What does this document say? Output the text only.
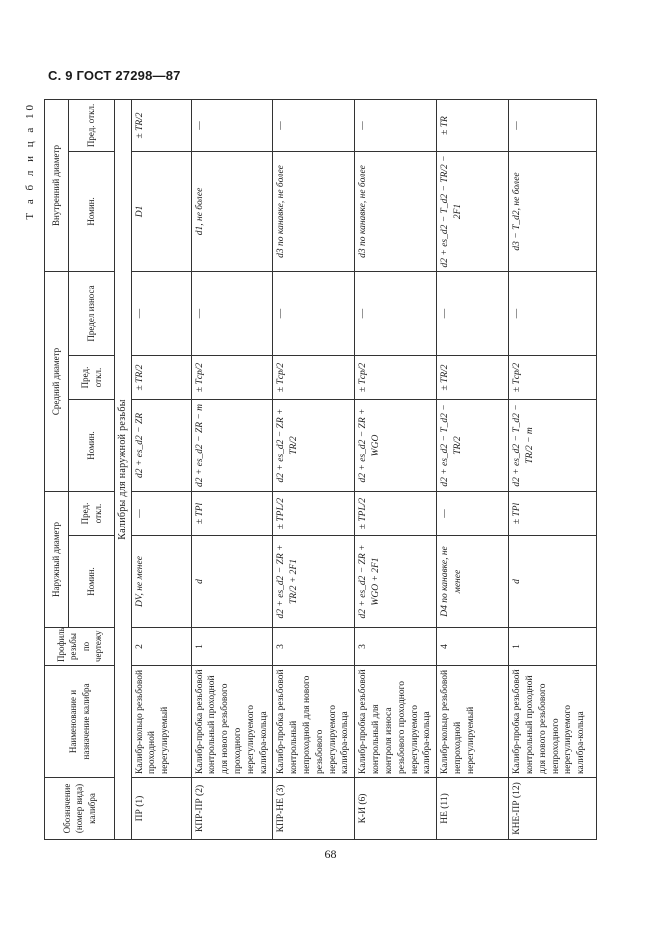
С. 9 ГОСТ 27298—87
Т а б л и ц а 10
Обозначение (номер вида) калибра	Наименование и назначение калибра	Профиль резьбы по чертежу	Наружный диаметр		Средний диаметр			Внутренний диаметр	
			Номин.	Пред. откл.	Номин.	Пред. откл.	Предел износа	Номин.	Пред. откл.
Калибры для наружной резьбы									
ПР (1)	Калибр-кольцо резьбовой проходной нерегулируемый	2	DV, не менее	—	d2 + es_d2 − ZR	± TR/2	—	D1	± TR/2
КПР-ПР (2)	Калибр-пробка резьбовой контрольный проходной для нового резьбового проходного нерегулируемого калибра-кольца	1	d	± TPl	d2 + es_d2 − ZR − m	± Tср/2	—	d1, не более	—
КПР-НЕ (3)	Калибр-пробка резьбовой контрольный непроходной для нового резьбового нерегулируемого калибра-кольца	3	d2 + es_d2 − ZR + TR/2 + 2F1	± TPL/2	d2 + es_d2 − ZR + TR/2	± Tср/2	—	d3 по канавке, не более	—
К-И (6)	Калибр-пробка резьбовой контрольный для контроля износа резьбового проходного нерегулируемого калибра-кольца	3	d2 + es_d2 − ZR + WGO + 2F1	± TPL/2	d2 + es_d2 − ZR + WGO	± Tср/2	—	d3 по канавке, не более	—
НЕ (11)	Калибр-кольцо резьбовой непроходной нерегулируемый	4	D4 по канавке, не менее	—	d2 + es_d2 − T_d2 − TR/2	± TR/2	—	d2 + es_d2 − T_d2 − TR/2 − 2F1	± TR
КНЕ-ПР (12)	Калибр-пробка резьбовой контрольный проходной для нового резьбового непроходного нерегулируемого калибра-кольца	1	d	± TPl	d2 + es_d2 − T_d2 − TR/2 − m	± Tср/2	—	d3 − T_d2, не более	—
68
